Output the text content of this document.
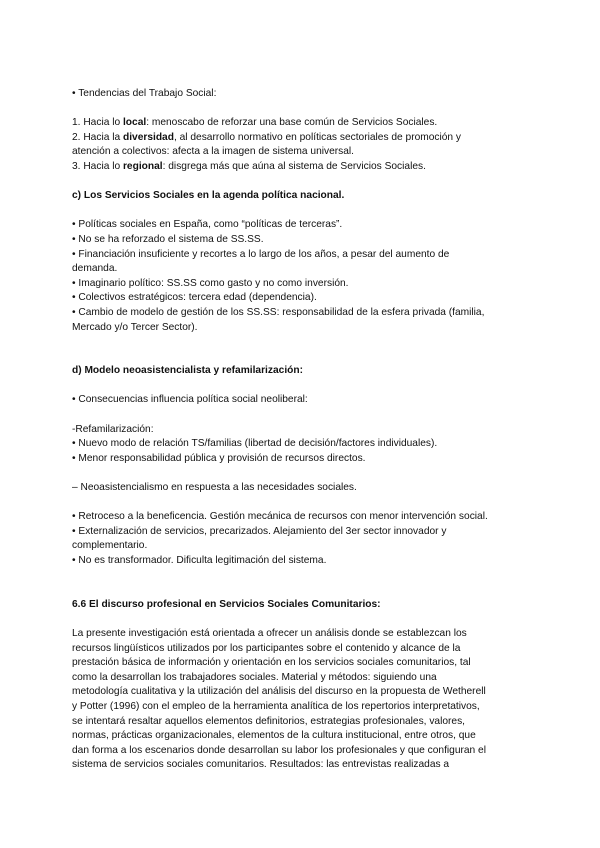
• Tendencias del Trabajo Social:
1. Hacia lo local: menoscabo de reforzar una base común de Servicios Sociales.
2. Hacia la diversidad, al desarrollo normativo en políticas sectoriales de promoción y
atención a colectivos: afecta a la imagen de sistema universal.
3. Hacia lo regional: disgrega más que aúna al sistema de Servicios Sociales.
c) Los Servicios Sociales en la agenda política nacional.
• Políticas sociales en España, como “políticas de terceras”.
• No se ha reforzado el sistema de SS.SS.
• Financiación insuficiente y recortes a lo largo de los años, a pesar del aumento de
demanda.
• Imaginario político: SS.SS como gasto y no como inversión.
• Colectivos estratégicos: tercera edad (dependencia).
• Cambio de modelo de gestión de los SS.SS: responsabilidad de la esfera privada (familia,
Mercado y/o Tercer Sector).
d) Modelo neoasistencialista y refamilarización:
• Consecuencias influencia política social neoliberal:
-Refamilarización:
• Nuevo modo de relación TS/familias (libertad de decisión/factores individuales).
• Menor responsabilidad pública y provisión de recursos directos.
– Neoasistencialismo en respuesta a las necesidades sociales.
• Retroceso a la beneficencia. Gestión mecánica de recursos con menor intervención social.
• Externalización de servicios, precarizados. Alejamiento del 3er sector innovador y
complementario.
• No es transformador. Dificulta legitimación del sistema.
6.6 El discurso profesional en Servicios Sociales Comunitarios:
La presente investigación está orientada a ofrecer un análisis donde se establezcan los
recursos lingüísticos utilizados por los participantes sobre el contenido y alcance de la
prestación básica de información y orientación en los servicios sociales comunitarios, tal
como la desarrollan los trabajadores sociales. Material y métodos: siguiendo una
metodología cualitativa y la utilización del análisis del discurso en la propuesta de Wetherell
y Potter (1996) con el empleo de la herramienta analítica de los repertorios interpretativos,
se intentará resaltar aquellos elementos definitorios, estrategias profesionales, valores,
normas, prácticas organizacionales, elementos de la cultura institucional, entre otros, que
dan forma a los escenarios donde desarrollan su labor los profesionales y que configuran el
sistema de servicios sociales comunitarios. Resultados: las entrevistas realizadas a
